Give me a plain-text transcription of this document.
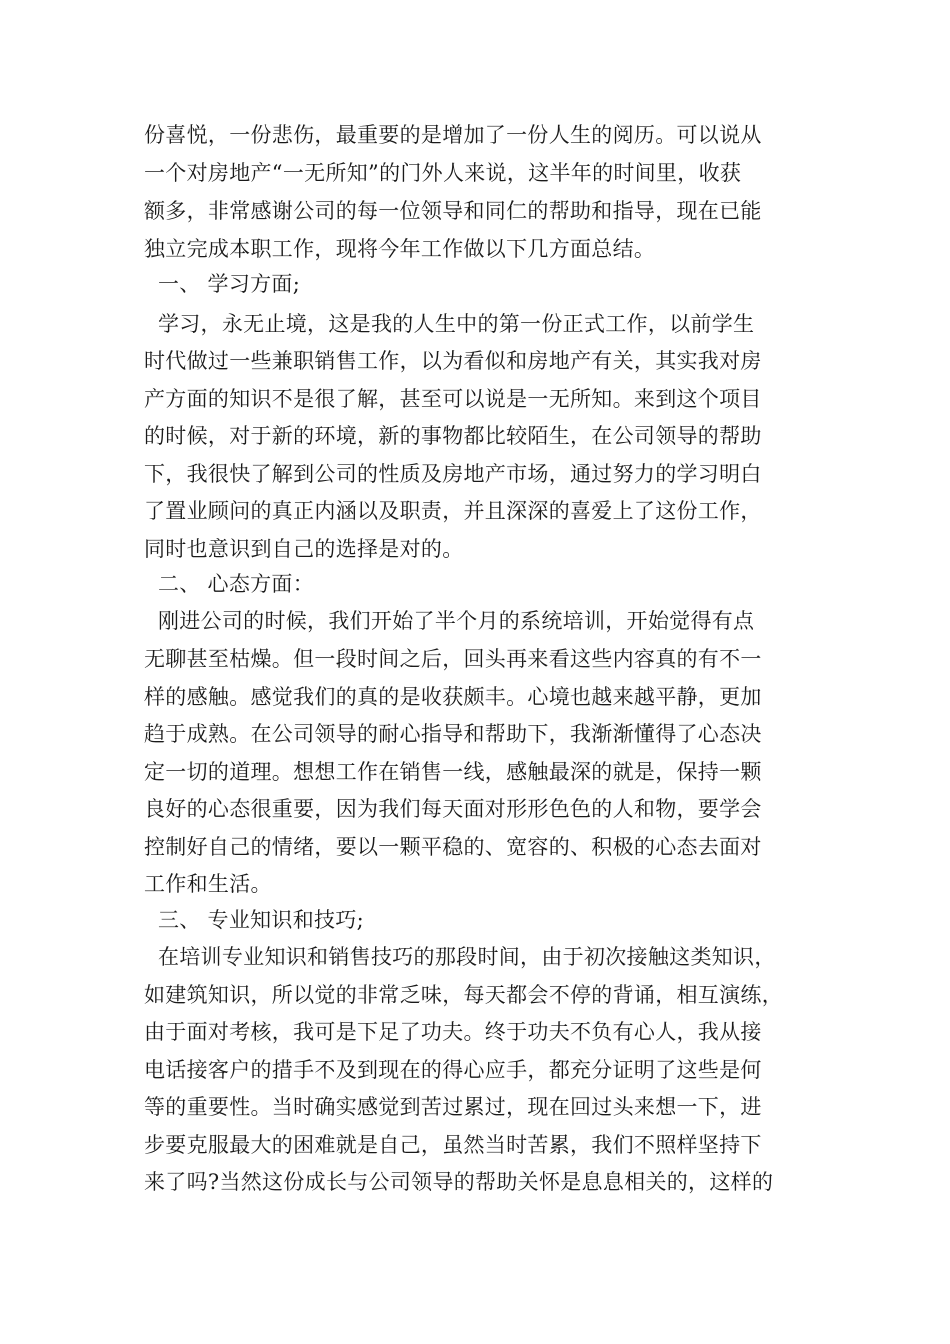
份喜悦，一份悲伤，最重要的是增加了一份人生的阅历。可以说从
一个对房地产“一无所知”的门外人来说，这半年的时间里，收获
额多，非常感谢公司的每一位领导和同仁的帮助和指导，现在已能
独立完成本职工作，现将今年工作做以下几方面总结。
一、 学习方面;
学习，永无止境，这是我的人生中的第一份正式工作，以前学生
时代做过一些兼职销售工作，以为看似和房地产有关，其实我对房
产方面的知识不是很了解，甚至可以说是一无所知。来到这个项目
的时候，对于新的环境，新的事物都比较陌生，在公司领导的帮助
下，我很快了解到公司的性质及房地产市场，通过努力的学习明白
了置业顾问的真正内涵以及职责，并且深深的喜爱上了这份工作，
同时也意识到自己的选择是对的。
二、 心态方面：
刚进公司的时候，我们开始了半个月的系统培训，开始觉得有点
无聊甚至枯燥。但一段时间之后，回头再来看这些内容真的有不一
样的感触。感觉我们的真的是收获颇丰。心境也越来越平静，更加
趋于成熟。在公司领导的耐心指导和帮助下，我渐渐懂得了心态决
定一切的道理。想想工作在销售一线，感触最深的就是，保持一颗
良好的心态很重要，因为我们每天面对形形色色的人和物，要学会
控制好自己的情绪，要以一颗平稳的、宽容的、积极的心态去面对
工作和生活。
三、 专业知识和技巧;
在培训专业知识和销售技巧的那段时间，由于初次接触这类知识，
如建筑知识，所以觉的非常乏味，每天都会不停的背诵，相互演练，
由于面对考核，我可是下足了功夫。终于功夫不负有心人，我从接
电话接客户的措手不及到现在的得心应手，都充分证明了这些是何
等的重要性。当时确实感觉到苦过累过，现在回过头来想一下，进
步要克服最大的困难就是自己，虽然当时苦累，我们不照样坚持下
来了吗?当然这份成长与公司领导的帮助关怀是息息相关的，这样的
